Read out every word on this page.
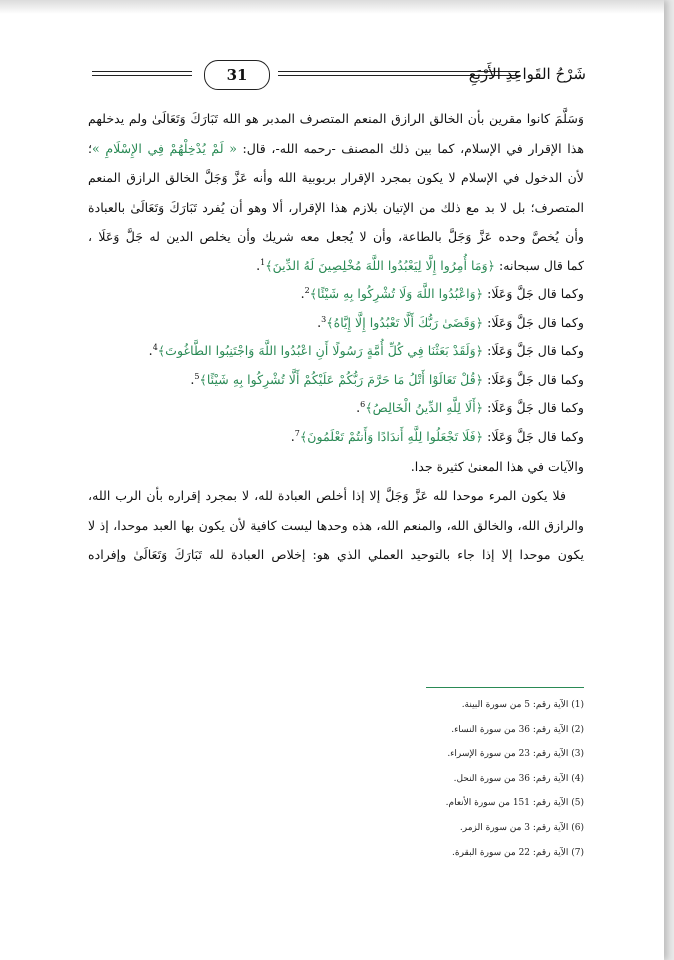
31	شَرْحُ القَواعِدِ الأَرْبَعِ
وَسَلَّمَ كانوا مقرين بأن الخالق الرازق المنعم المتصرف المدبر هو الله تَبَارَكَ وَتَعَالَىٰ ولم يدخلهم
هذا الإقرار في الإسلام، كما بين ذلك المصنف -رحمه الله-، قال: « لَمْ يُدْخِلْهُمْ فِي الإِسْلَامِ »؛
لأن الدخول في الإسلام لا يكون بمجرد الإقرار بربوبية الله وأنه عَزَّ وَجَلَّ الخالق الرازق المنعم
المتصرف؛ بل لا بد مع ذلك من الإتيان بلازم هذا الإقرار، ألا وهو أن يُفرد تَبَارَكَ وَتَعَالَىٰ بالعبادة
وأن يُخصَّ وحده عَزَّ وَجَلَّ بالطاعة، وأن لا يُجعل معه شريك وأن يخلص الدين له جَلَّ وَعَلَا ،
كما قال سبحانه: ﴿وَمَا أُمِرُوا إِلَّا لِيَعْبُدُوا اللَّهَ مُخْلِصِينَ لَهُ الدِّينَ﴾$^1$.
وكما قال جَلَّ وَعَلَا: ﴿وَاعْبُدُوا اللَّهَ وَلَا تُشْرِكُوا بِهِ شَيْئًا﴾$^2$.
وكما قال جَلَّ وَعَلَا: ﴿وَقَضَىٰ رَبُّكَ أَلَّا تَعْبُدُوا إِلَّا إِيَّاهُ﴾$^3$.
وكما قال جَلَّ وَعَلَا: ﴿وَلَقَدْ بَعَثْنَا فِي كُلِّ أُمَّةٍ رَسُولًا أَنِ اعْبُدُوا اللَّهَ وَاجْتَنِبُوا الطَّاغُوتَ﴾$^4$.
وكما قال جَلَّ وَعَلَا: ﴿قُلْ تَعَالَوْا أَتْلُ مَا حَرَّمَ رَبُّكُمْ عَلَيْكُمْ أَلَّا تُشْرِكُوا بِهِ شَيْئًا﴾$^5$.
وكما قال جَلَّ وَعَلَا: ﴿أَلَا لِلَّهِ الدِّينُ الْخَالِصُ﴾$^6$.
وكما قال جَلَّ وَعَلَا: ﴿فَلَا تَجْعَلُوا لِلَّهِ أَندَادًا وَأَنتُمْ تَعْلَمُونَ﴾$^7$.
والآيات في هذا المعنىٰ كثيرة جدا.
فلا يكون المرء موحدا لله عَزَّ وَجَلَّ إلا إذا أخلص العبادة لله، لا بمجرد إقراره بأن الرب الله،
والرازق الله، والخالق الله، والمنعم الله، هذه وحدها ليست كافية لأن يكون بها العبد موحدا، إذ لا
يكون موحدا إلا إذا جاء بالتوحيد العملي الذي هو: إخلاص العبادة لله تَبَارَكَ وَتَعَالَىٰ وإفراده
(1) الآية رقم: 5 من سورة البينة.
(2) الآية رقم: 36 من سورة النساء.
(3) الآية رقم: 23 من سورة الإسراء.
(4) الآية رقم: 36 من سورة النحل.
(5) الآية رقم: 151 من سورة الأنعام.
(6) الآية رقم: 3 من سورة الزمر.
(7) الآية رقم: 22 من سورة البقرة.
